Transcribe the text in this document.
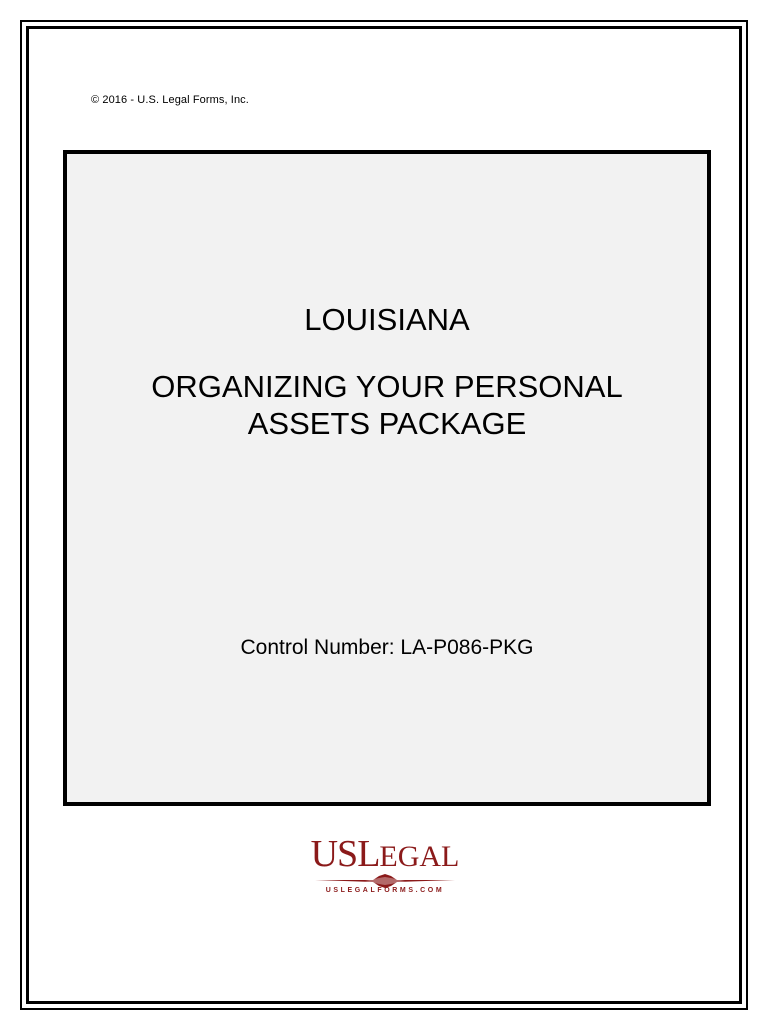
© 2016 - U.S. Legal Forms, Inc.
LOUISIANA
ORGANIZING YOUR PERSONAL
ASSETS PACKAGE
Control Number: LA-P086-PKG
USLEGAL
USLEGALFORMS.COM
